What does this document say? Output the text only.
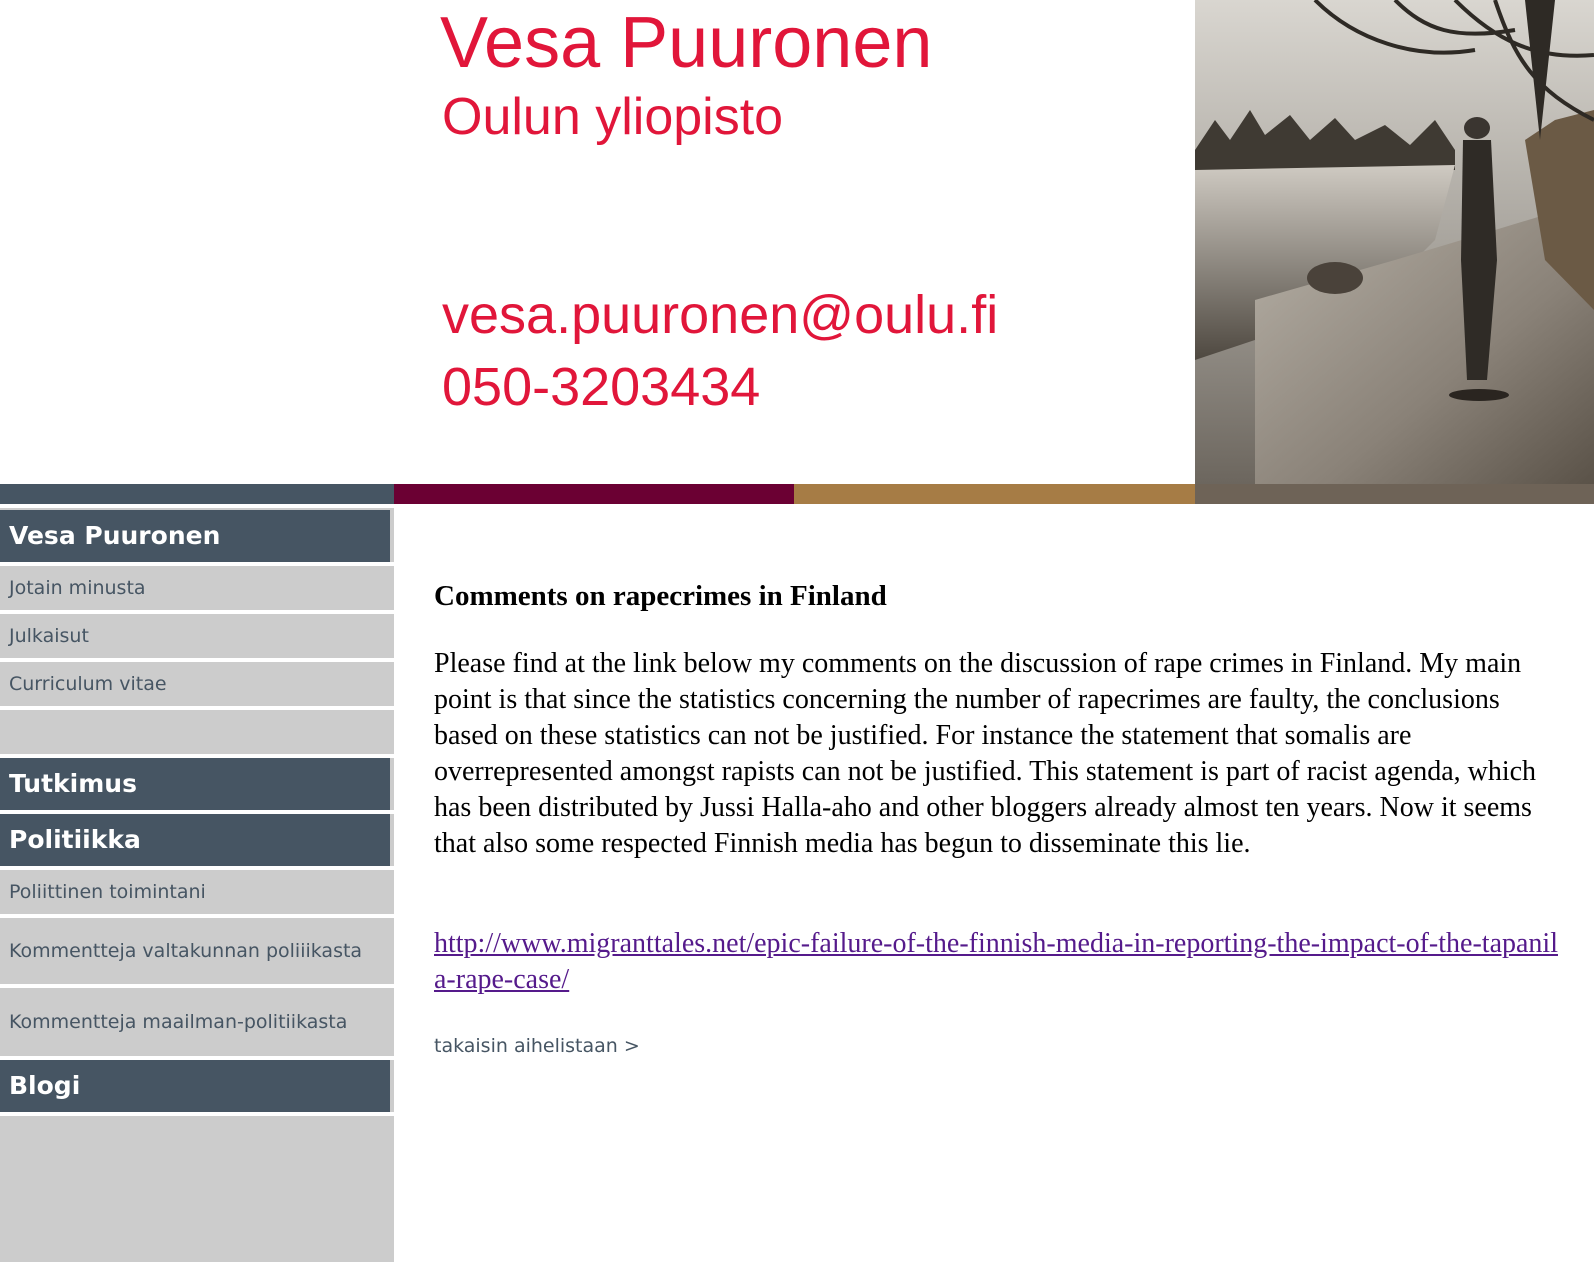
Vesa Puuronen
Oulun yliopisto
vesa.puuronen@oulu.fi
050-3203434
Vesa Puuronen
Jotain minusta
Julkaisut
Curriculum vitae
Tutkimus
Politiikka
Poliittinen toimintani
Kommentteja valtakunnan poliiikasta
Kommentteja maailman-politiikasta
Blogi
Comments on rapecrimes in Finland

Please find at the link below my comments on the discussion of rape crimes in Finland. My main point is that since the statistics concerning the number of rapecrimes are faulty, the conclusions based on these statistics can not be justified. For instance the statement that somalis are overrepresented amongst rapists can not be justified. This statement is part of racist agenda, which has been distributed by Jussi Halla-aho and other bloggers already almost ten years. Now it seems that also some respected Finnish media has begun to disseminate this lie.

http://www.migranttales.net/epic-failure-of-the-finnish-media-in-reporting-the-impact-of-the-tapanila-rape-case/
takaisin aihelistaan >
